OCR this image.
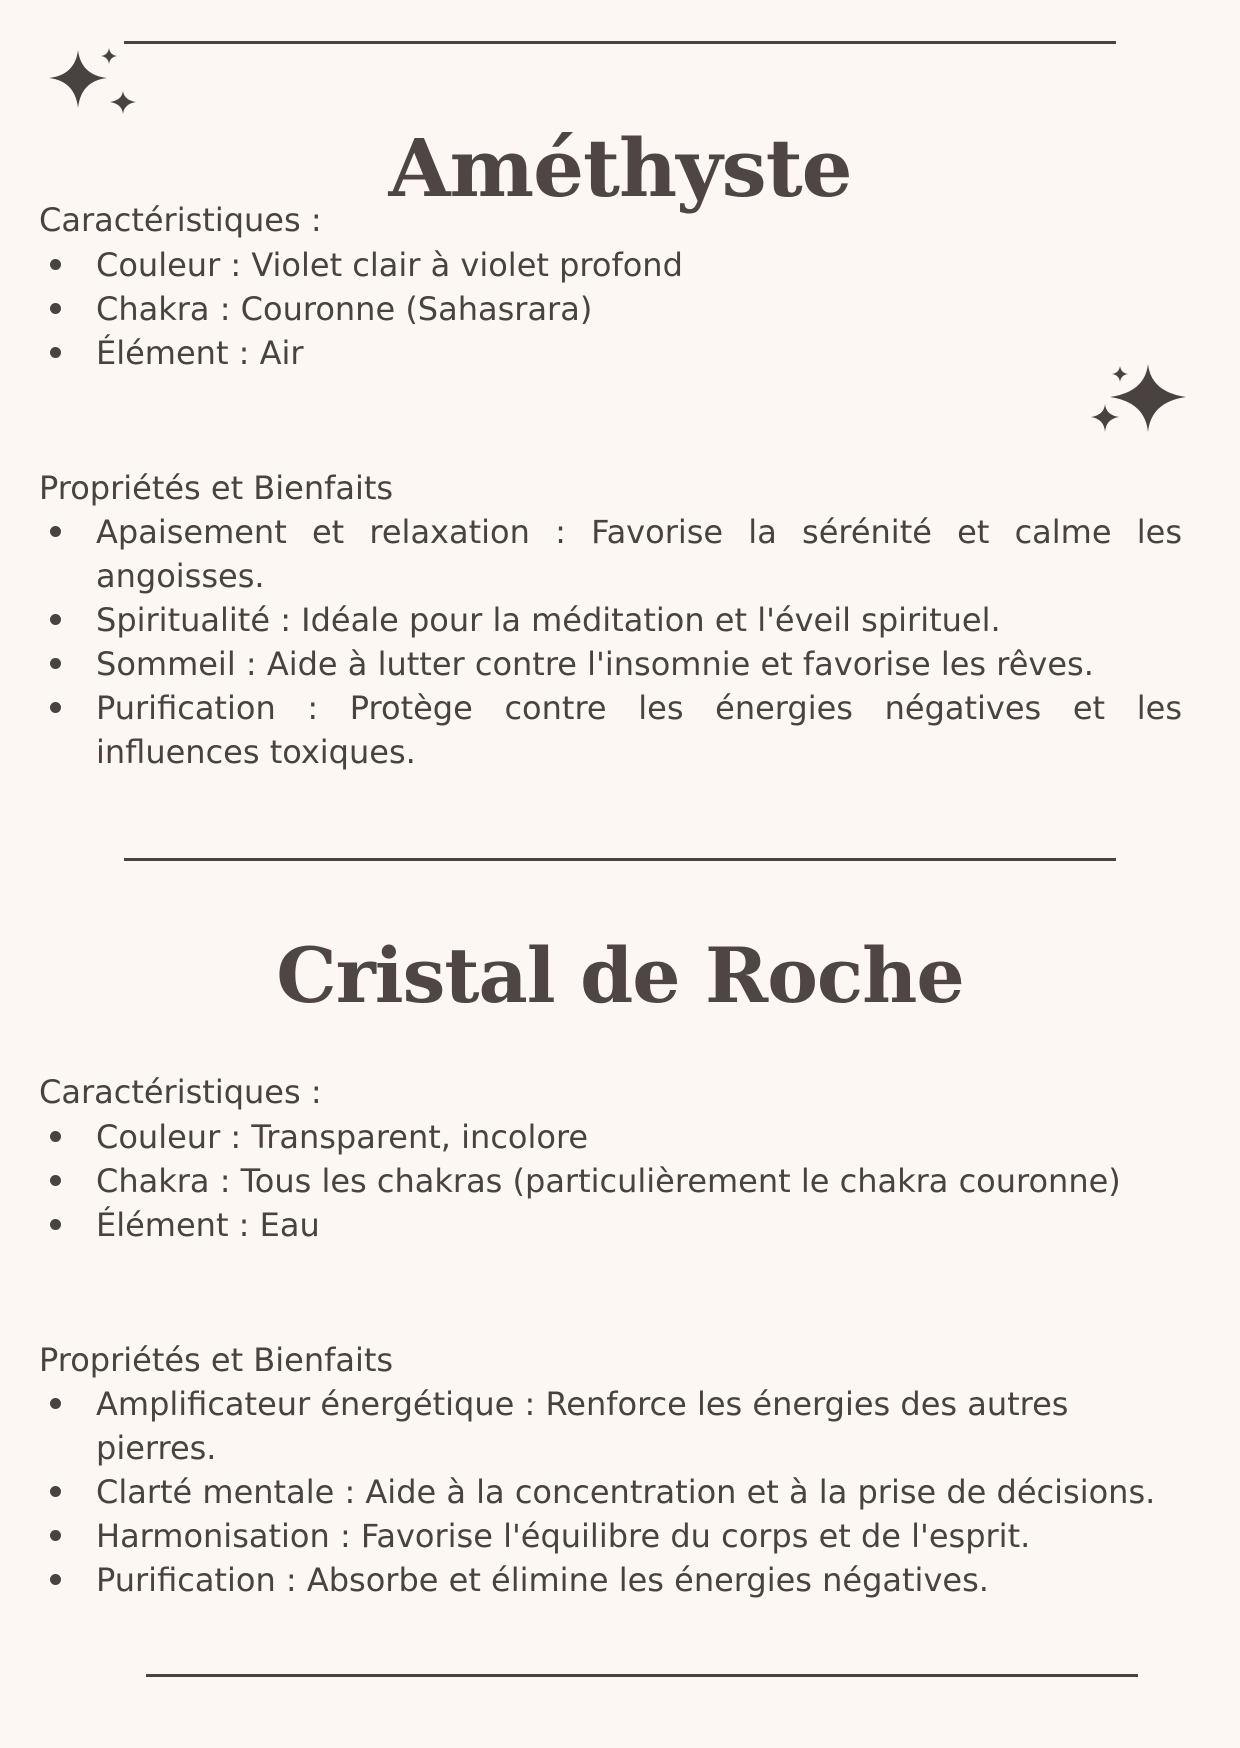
Améthyste
Caractéristiques :
Couleur : Violet clair à violet profond
Chakra : Couronne (Sahasrara)
Élément : Air
Propriétés et Bienfaits
Apaisement et relaxation : Favorise la sérénité et calme les angoisses.
Spiritualité : Idéale pour la méditation et l'éveil spirituel.
Sommeil : Aide à lutter contre l'insomnie et favorise les rêves.
Purification : Protège contre les énergies négatives et les influences toxiques.
Cristal de Roche
Caractéristiques :
Couleur : Transparent, incolore
Chakra : Tous les chakras (particulièrement le chakra couronne)
Élément : Eau
Propriétés et Bienfaits
Amplificateur énergétique : Renforce les énergies des autres pierres.
Clarté mentale : Aide à la concentration et à la prise de décisions.
Harmonisation : Favorise l'équilibre du corps et de l'esprit.
Purification : Absorbe et élimine les énergies négatives.
